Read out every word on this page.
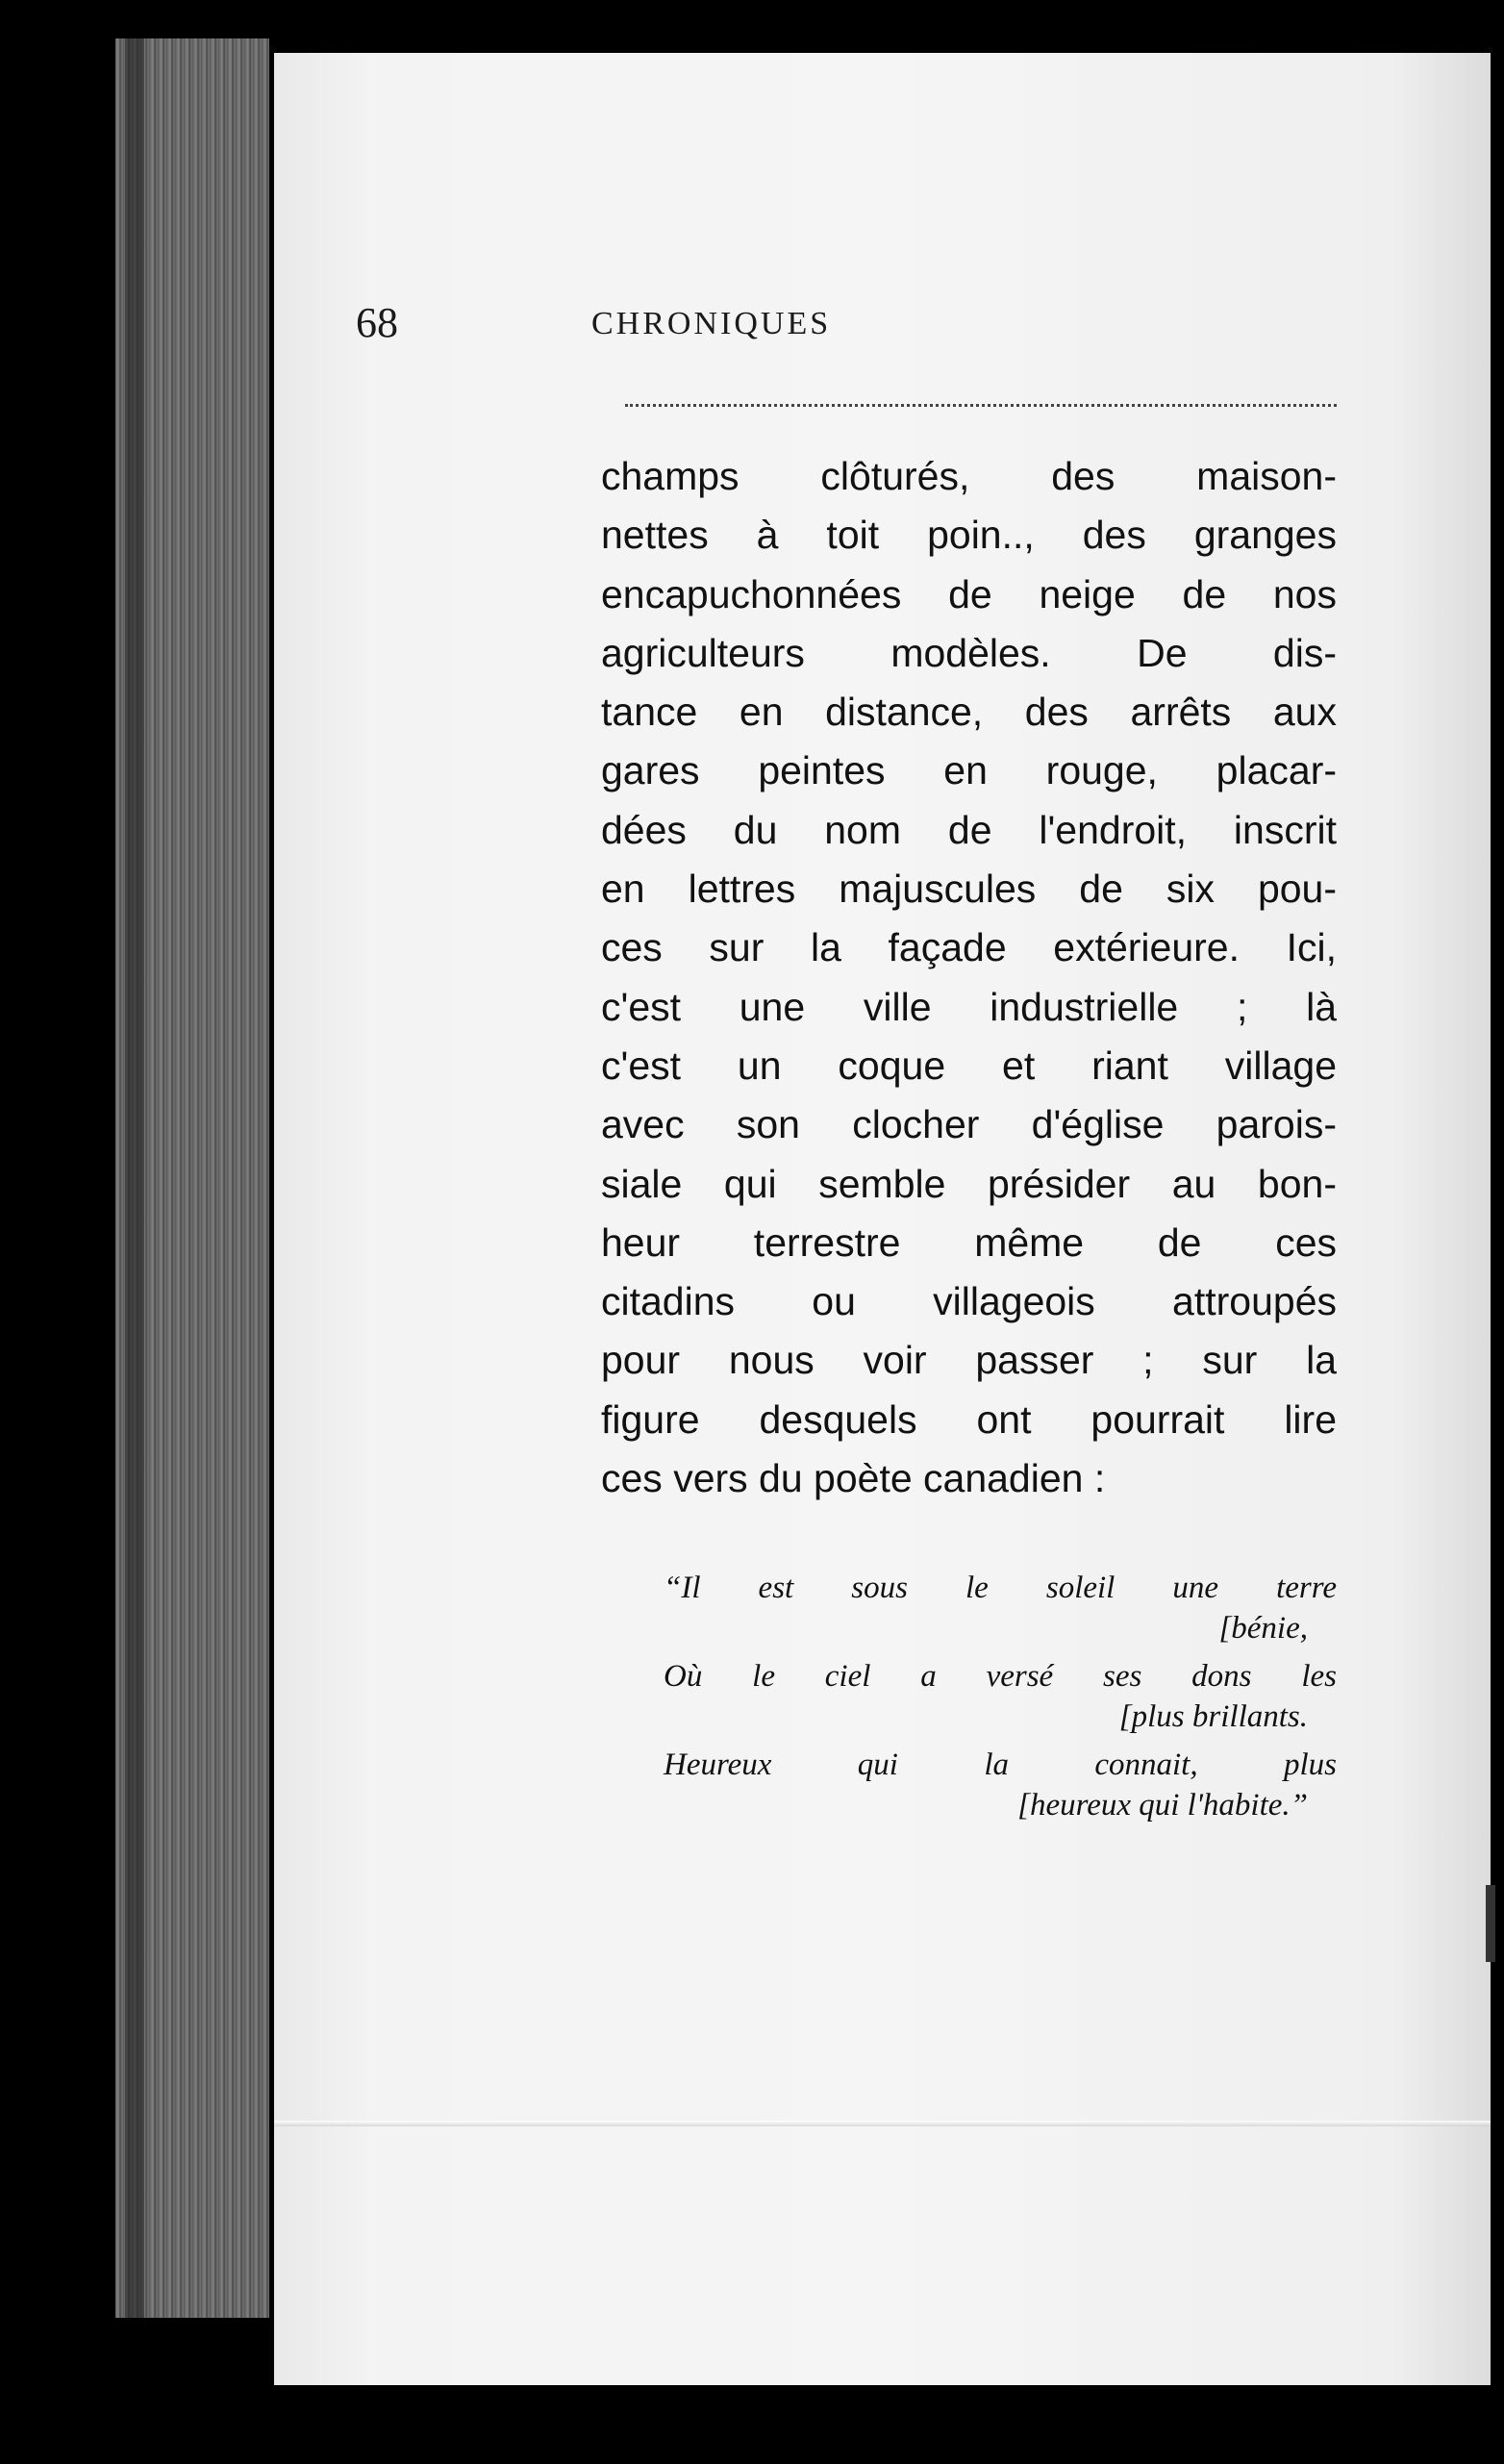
68	CHRONIQUES
champs clôturés, des maison-
nettes à toit poin.., des granges
encapuchonnées de neige de nos
agriculteurs modèles. De dis-
tance en distance, des arrêts aux
gares peintes en rouge, placar-
dées du nom de l'endroit, inscrit
en lettres majuscules de six pou-
ces sur la façade extérieure. Ici,
c'est une ville industrielle ; là
c'est un coque et riant village
avec son clocher d'église parois-
siale qui semble présider au bon-
heur terrestre même de ces
citadins ou villageois attroupés
pour nous voir passer ; sur la
figure desquels ont pourrait lire
ces vers du poète canadien :
“Il est sous le soleil une terre
[bénie,
Où le ciel a versé ses dons les
[plus brillants.
Heureux qui la connait, plus
[heureux qui l'habite.”
